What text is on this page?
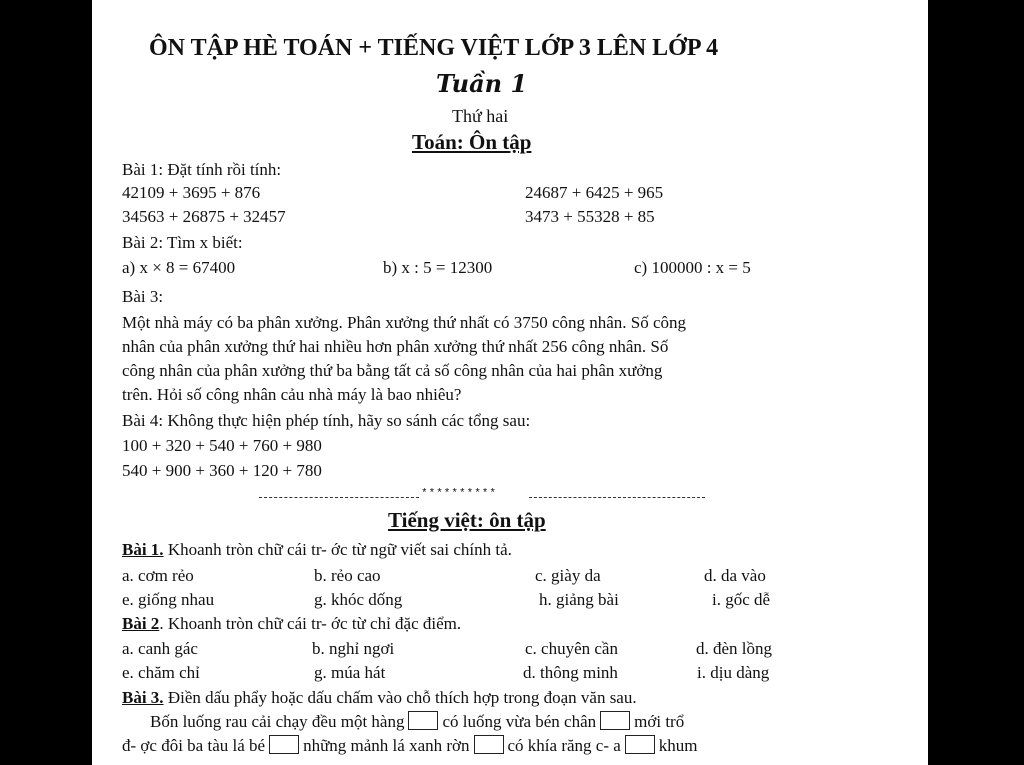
ÔN TẬP HÈ TOÁN + TIẾNG VIỆT LỚP 3 LÊN LỚP 4
Tuần 1
Thứ hai
Toán: Ôn tập
Bài 1: Đặt tính rồi tính:
42109 + 3695 + 876	24687 + 6425 + 965
34563 + 26875 + 32457	3473 + 55328 + 85
Bài 2: Tìm x biết:
a) x × 8 = 67400	b) x : 5 = 12300	c) 100000 : x = 5
Bài 3:
Một nhà máy có ba phân xưởng. Phân xưởng thứ nhất có 3750 công nhân. Số công
nhân của phân xưởng thứ hai nhiều hơn phân xưởng thứ nhất 256 công nhân. Số
công nhân của phân xưởng thứ ba bằng tất cả số công nhân của hai phân xưởng
trên. Hỏi số công nhân cảu nhà máy là bao nhiêu?
Bài 4: Không thực hiện phép tính, hãy so sánh các tổng sau:
100 + 320 + 540 + 760 + 980
540 + 900 + 360 + 120 + 780
**********
Tiếng việt: ôn tập
Bài 1. Khoanh tròn chữ cái tr- ớc từ ngữ viết sai chính tả.
a. cơm rẻo	b. rẻo cao	c. giày da	d. da vào
e. giống nhau	g. khóc dống	h. giảng bài	i. gốc dễ
Bài 2. Khoanh tròn chữ cái tr- ớc từ chỉ đặc điểm.
a. canh gác	b. nghỉ ngơi	c. chuyên cần	d. đèn lồng
e. chăm chỉ	g. múa hát	d. thông minh	i. dịu dàng
Bài 3. Điền dấu phẩy hoặc dấu chấm vào chỗ thích hợp trong đoạn văn sau.
Bốn luống rau cải chạy đều một hàng có luống vừa bén chân mới trổ
đ- ợc đôi ba tàu lá bé những mảnh lá xanh rờn có khía răng c- a khum
